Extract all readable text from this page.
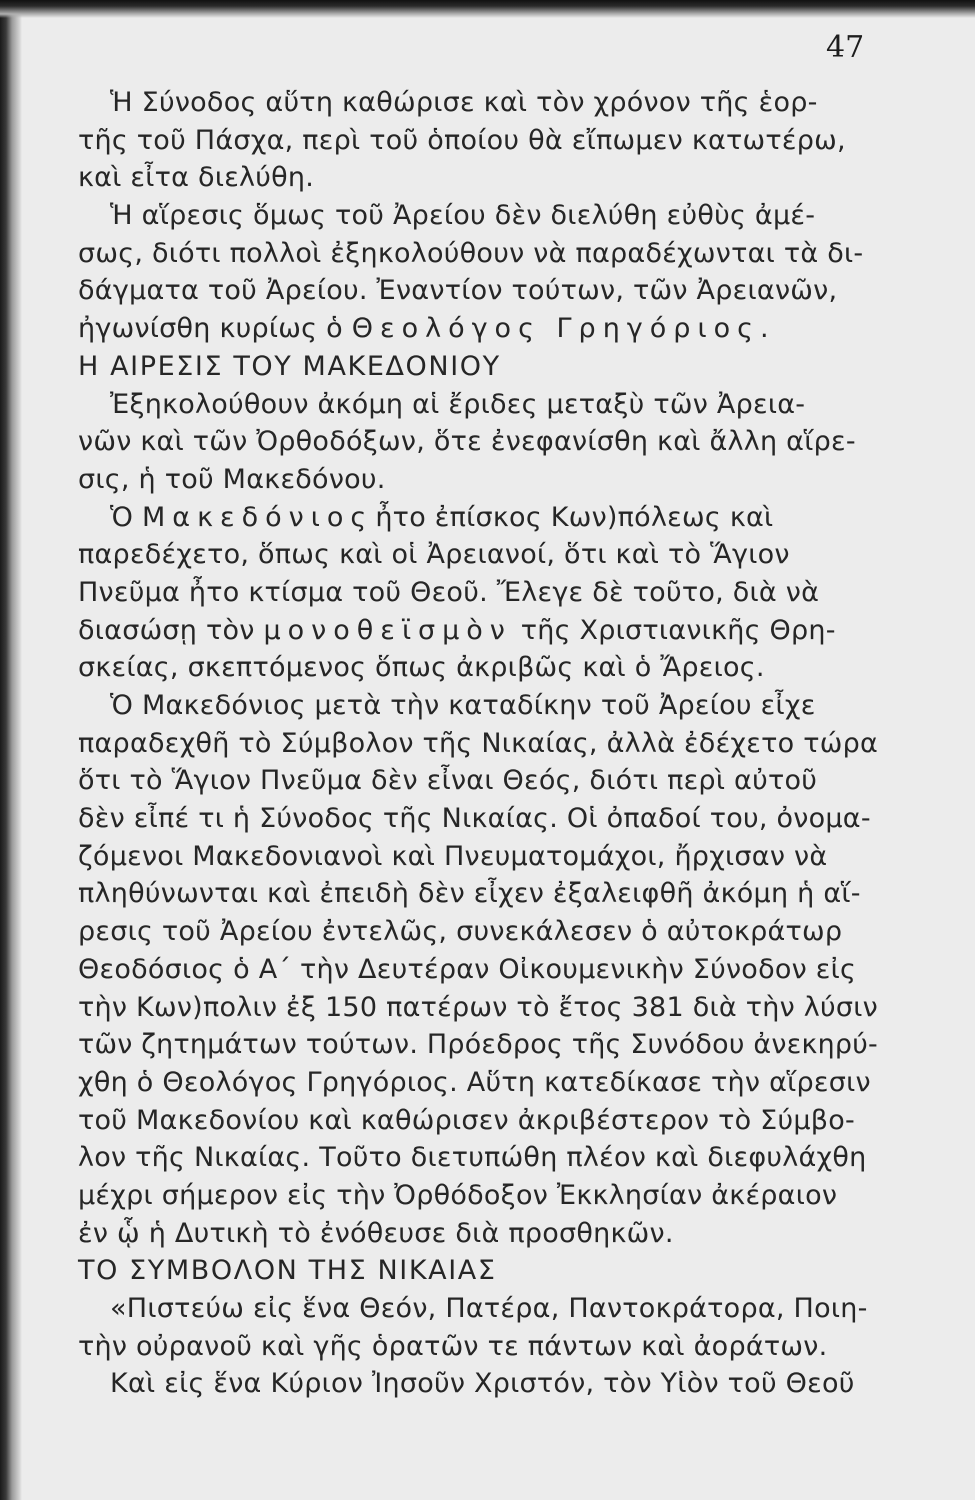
47
Ἡ Σύνοδος αὕτη καθώρισε καὶ τὸν χρόνον τῆς ἑορ-
τῆς τοῦ Πάσχα, περὶ τοῦ ὁποίου θὰ εἴπωμεν κατωτέρω,
καὶ εἶτα διελύθη.
Ἡ αἵρεσις ὅμως τοῦ Ἀρείου δὲν διελύθη εὐθὺς ἀμέ-
σως, διότι πολλοὶ ἐξηκολούθουν νὰ παραδέχωνται τὰ δι-
δάγματα τοῦ Ἀρείου. Ἐναντίον τούτων, τῶν Ἀρειανῶν,
ἠγωνίσθη κυρίως ὁ Θεολόγος Γρηγόριος.
Η ΑΙΡΕΣΙΣ ΤΟΥ ΜΑΚΕΔΟΝΙΟΥ
Ἐξηκολούθουν ἀκόμη αἱ ἔριδες μεταξὺ τῶν Ἀρεια-
νῶν καὶ τῶν Ὀρθοδόξων, ὅτε ἐνεφανίσθη καὶ ἄλλη αἵρε-
σις, ἡ τοῦ Μακεδόνου.
Ὁ Μακεδόνιος ἦτο ἐπίσκος Κων)πόλεως καὶ
παρεδέχετο, ὅπως καὶ οἱ Ἀρειανοί, ὅτι καὶ τὸ Ἅγιον
Πνεῦμα ἦτο κτίσμα τοῦ Θεοῦ. Ἔλεγε δὲ τοῦτο, διὰ νὰ
διασώσῃ τὸν μονοθεϊσμὸν τῆς Χριστιανικῆς Θρη-
σκείας, σκεπτόμενος ὅπως ἀκριβῶς καὶ ὁ Ἄρειος.
Ὁ Μακεδόνιος μετὰ τὴν καταδίκην τοῦ Ἀρείου εἶχε
παραδεχθῆ τὸ Σύμβολον τῆς Νικαίας, ἀλλὰ ἐδέχετο τώρα
ὅτι τὸ Ἅγιον Πνεῦμα δὲν εἶναι Θεός, διότι περὶ αὐτοῦ
δὲν εἶπέ τι ἡ Σύνοδος τῆς Νικαίας. Οἱ ὀπαδοί του, ὀνομα-
ζόμενοι Μακεδονιανοὶ καὶ Πνευματομάχοι, ἤρχισαν νὰ
πληθύνωνται καὶ ἐπειδὴ δὲν εἶχεν ἐξαλειφθῆ ἀκόμη ἡ αἵ-
ρεσις τοῦ Ἀρείου ἐντελῶς, συνεκάλεσεν ὁ αὐτοκράτωρ
Θεοδόσιος ὁ Α΄ τὴν Δευτέραν Οἰκουμενικὴν Σύνοδον εἰς
τὴν Κων)πολιν ἐξ 150 πατέρων τὸ ἔτος 381 διὰ τὴν λύσιν
τῶν ζητημάτων τούτων. Πρόεδρος τῆς Συνόδου ἀνεκηρύ-
χθη ὁ Θεολόγος Γρηγόριος. Αὕτη κατεδίκασε τὴν αἵρεσιν
τοῦ Μακεδονίου καὶ καθώρισεν ἀκριβέστερον τὸ Σύμβο-
λον τῆς Νικαίας. Τοῦτο διετυπώθη πλέον καὶ διεφυλάχθη
μέχρι σήμερον εἰς τὴν Ὀρθόδοξον Ἐκκλησίαν ἀκέραιον
ἐν ᾧ ἡ Δυτικὴ τὸ ἐνόθευσε διὰ προσθηκῶν.
ΤΟ ΣΥΜΒΟΛΟΝ ΤΗΣ ΝΙΚΑΙΑΣ
«Πιστεύω εἰς ἕνα Θεόν, Πατέρα, Παντοκράτορα, Ποιη-
τὴν οὐρανοῦ καὶ γῆς ὁρατῶν τε πάντων καὶ ἀοράτων.
Καὶ εἰς ἕνα Κύριον Ἰησοῦν Χριστόν, τὸν Υἱὸν τοῦ Θεοῦ
